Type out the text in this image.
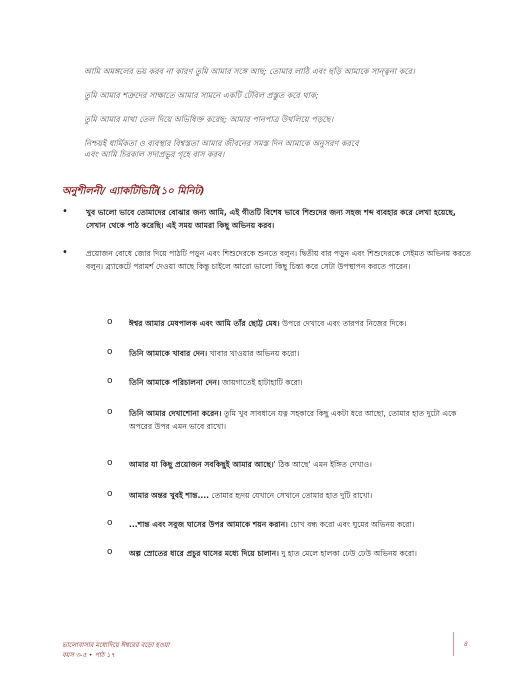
আমি অমঙ্গলের ভয় করব না কারণ তুমি আমার সঙ্গে আছ; তোমার লাঠি এবং ছড়ি আমাকে সান্ত্বনা করে।
তুমি আমার শত্রুদের সাক্ষাতে আমার সামনে একটি টেবিল প্রস্তুত করে থাক;
তুমি আমার মাথা তেল দিয়ে অভিষিক্ত করেছ; আমার পানপাত্র উথলিয়ে পড়ছে।
নিশ্চয়ই ধার্মিকতা ও ব্যবস্থার বিশ্বস্ততা আমার জীবনের সমস্ত দিন আমাকে অনুসরণ করবে
এবং আমি চিরকাল সদাপ্রভুর গৃহে বাস করব।
অনুশীলনী/ এ্যাকটিভিটি(১০ মিনিট)
• খুব ভালো ভাবে তোমাদের বোঝার জন্য আমি, এই গীতটি বিশেষ ভাবে শিশুদের জন্য সহজ শব্দ ব্যবহার করে লেখা হয়েছে, সেখান থেকে পাঠ করেছি। এই সময় আমরা কিছু অভিনয় করব।
• প্রয়োজন বোধে জোর দিয়ে পাঠটি পড়ুন এবং শিশুদেরকে শুনতে বলুন। দ্বিতীয় বার পড়ুন এবং শিশুদেরকে সেইমত অভিনয় করতে বলুন। ব্র্যাকেটে পরামর্শ দেওয়া আছে কিন্তু চাইলে আরো ভালো কিছু চিন্তা করে সেটা উপস্থাপন করতে পারেন।
o ঈশ্বর আমার মেষপালক এবং আমি তাঁর ছোট্ট মেষ। উপরে দেখাবে এবং তারপর নিজের দিকে।
o তিনি আমাকে খাবার দেন। খাবার খাওয়ার অভিনয় করো।
o তিনি আমাকে পরিচালনা দেন। জায়গাতেই হাটাহাটি করো।
o তিনি আমার দেখাশোনা করেন। তুমি খুব সাবধানে যত্ন সহকারে কিছু একটা ধরে আছো, তোমার হাত দুটো একে অপরের উপর এমন ভাবে রাখো।
o আমার যা কিছু প্রয়োজন সবকিছুই আমার আছে।' ঠিক আছে' এমন ইঙ্গিত দেখাও।
o আমার অন্তর খুবই শান্ত.... তোমার হৃদয় যেখানে সেখানে তোমার হাত দুটি রাখো।
o ...শান্ত এবং সবুজ ঘাসের উপর আমাকে শয়ন করান। চোখ বন্ধ করো এবং ঘুমের অভিনয় করো।
o অল্প স্রোতের ধারে প্রচুর ঘাসের মধ্যে দিয়ে চালান। দু হাত মেলে হালকা ঢেউ ঢেউ অভিনয় করো।
ভালোবাসার মধ্যেদিয়ে ঈশ্বরের বড়ো হওয়া
বয়স ৩-৫ • পাঠ ১৭
৪
